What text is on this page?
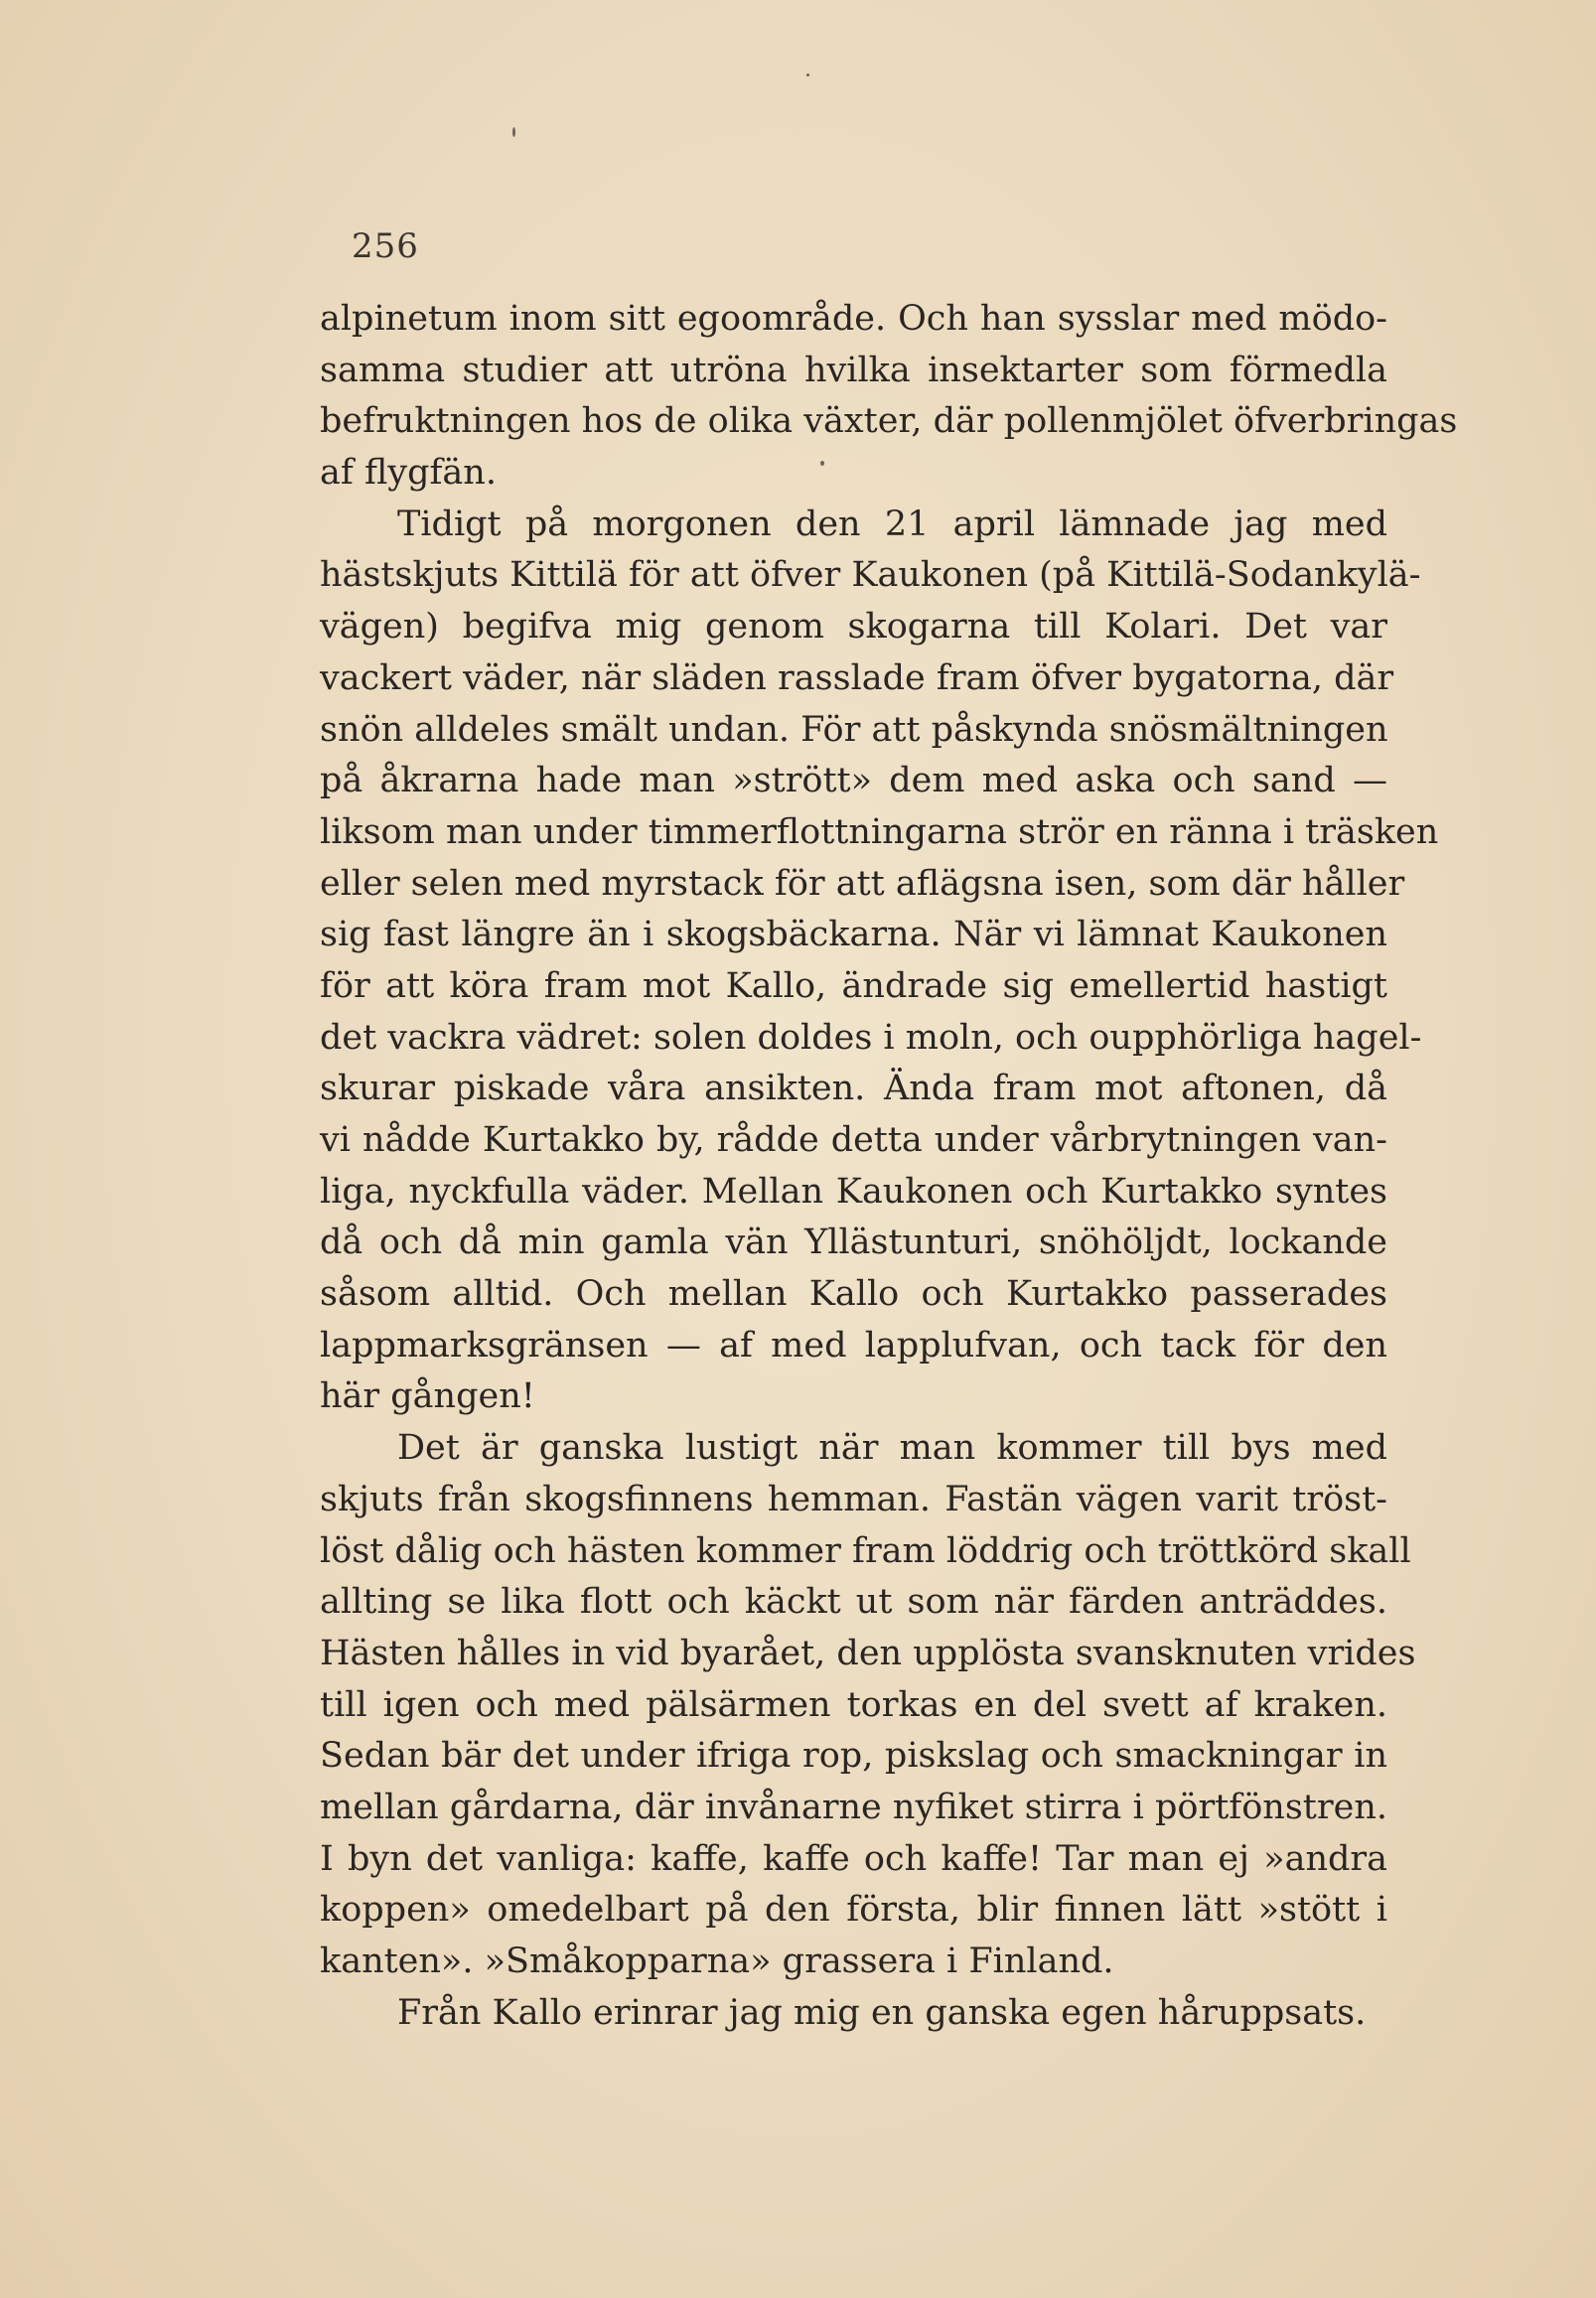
256
alpinetum inom sitt egoområde. Och han sysslar med mödo-
samma studier att utröna hvilka insektarter som förmedla
befruktningen hos de olika växter, där pollenmjölet öfverbringas
af flygfän.
Tidigt på morgonen den 21 april lämnade jag med
hästskjuts Kittilä för att öfver Kaukonen (på Kittilä-Sodankylä-
vägen) begifva mig genom skogarna till Kolari. Det var
vackert väder, när släden rasslade fram öfver bygatorna, där
snön alldeles smält undan. För att påskynda snösmältningen
på åkrarna hade man »strött» dem med aska och sand —
liksom man under timmerflottningarna strör en ränna i träsken
eller selen med myrstack för att aflägsna isen, som där håller
sig fast längre än i skogsbäckarna. När vi lämnat Kaukonen
för att köra fram mot Kallo, ändrade sig emellertid hastigt
det vackra vädret: solen doldes i moln, och oupphörliga hagel-
skurar piskade våra ansikten. Ända fram mot aftonen, då
vi nådde Kurtakko by, rådde detta under vårbrytningen van-
liga, nyckfulla väder. Mellan Kaukonen och Kurtakko syntes
då och då min gamla vän Yllästunturi, snöhöljdt, lockande
såsom alltid. Och mellan Kallo och Kurtakko passerades
lappmarksgränsen — af med lapplufvan, och tack för den
här gången!
Det är ganska lustigt när man kommer till bys med
skjuts från skogsfinnens hemman. Fastän vägen varit tröst-
löst dålig och hästen kommer fram löddrig och tröttkörd skall
allting se lika flott och käckt ut som när färden anträddes.
Hästen hålles in vid byarået, den upplösta svansknuten vrides
till igen och med pälsärmen torkas en del svett af kraken.
Sedan bär det under ifriga rop, piskslag och smackningar in
mellan gårdarna, där invånarne nyfiket stirra i pörtfönstren.
I byn det vanliga: kaffe, kaffe och kaffe! Tar man ej »andra
koppen» omedelbart på den första, blir finnen lätt »stött i
kanten». »Småkopparna» grassera i Finland.
Från Kallo erinrar jag mig en ganska egen håruppsats.
